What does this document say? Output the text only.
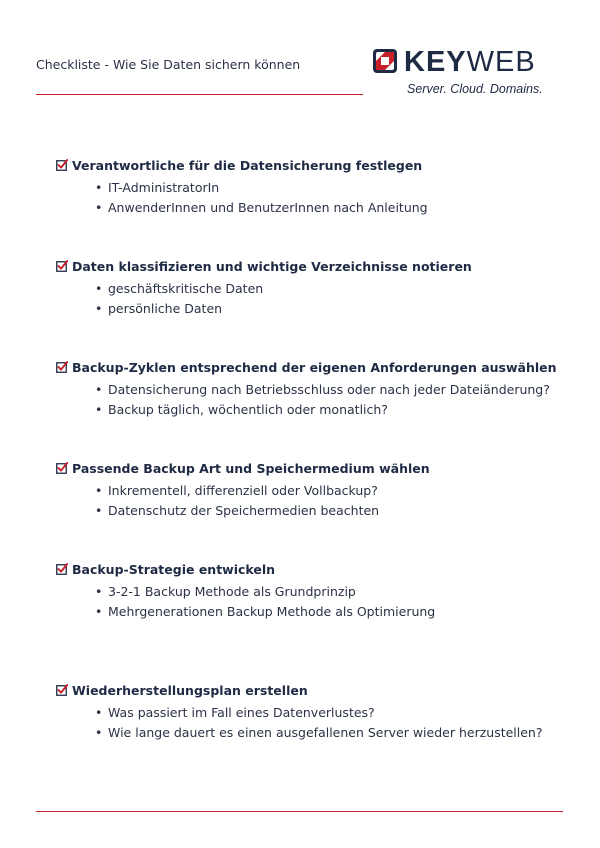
Checkliste - Wie Sie Daten sichern können	KEYWEB
Server. Cloud. Domains.
Verantwortliche für die Datensicherung festlegen
• IT-AdministratorIn
• AnwenderInnen und BenutzerInnen nach Anleitung
Daten klassifizieren und wichtige Verzeichnisse notieren
• geschäftskritische Daten
• persönliche Daten
Backup-Zyklen entsprechend der eigenen Anforderungen auswählen
• Datensicherung nach Betriebsschluss oder nach jeder Dateiänderung?
• Backup täglich, wöchentlich oder monatlich?
Passende Backup Art und Speichermedium wählen
• Inkrementell, differenziell oder Vollbackup?
• Datenschutz der Speichermedien beachten
Backup-Strategie entwickeln
• 3-2-1 Backup Methode als Grundprinzip
• Mehrgenerationen Backup Methode als Optimierung
Wiederherstellungsplan erstellen
• Was passiert im Fall eines Datenverlustes?
• Wie lange dauert es einen ausgefallenen Server wieder herzustellen?
